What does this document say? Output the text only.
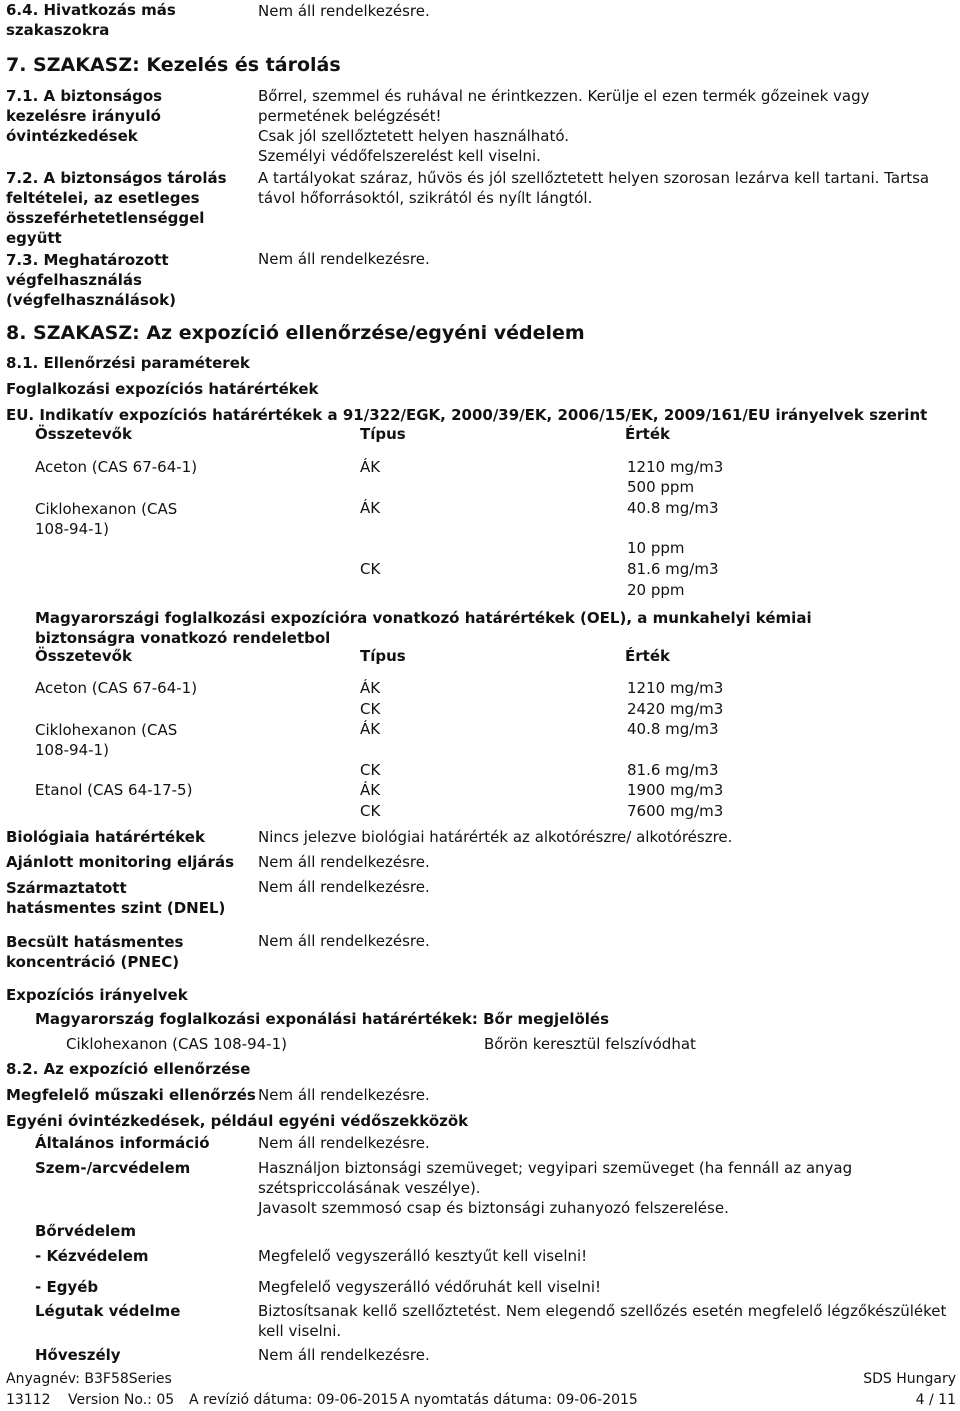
6.4. Hivatkozás más szakaszokra
Nem áll rendelkezésre.
7. SZAKASZ: Kezelés és tárolás
7.1. A biztonságos kezelésre irányuló óvintézkedések
Bőrrel, szemmel és ruhával ne érintkezzen. Kerülje el ezen termék gőzeinek vagy permetének belégzését!
Csak jól szellőztetett helyen használható.
Személyi védőfelszerelést kell viselni.
7.2. A biztonságos tárolás feltételei, az esetleges összeférhetetlenséggel együtt
A tartályokat száraz, hűvös és jól szellőztetett helyen szorosan lezárva kell tartani. Tartsa távol hőforrásoktól, szikrától és nyílt lángtól.
7.3. Meghatározott végfelhasználás (végfelhasználások)
Nem áll rendelkezésre.
8. SZAKASZ: Az expozíció ellenőrzése/egyéni védelem
8.1. Ellenőrzési paraméterek
Foglalkozási expozíciós határértékek
EU. Indikatív expozíciós határértékek a 91/322/EGK, 2000/39/EK, 2006/15/EK, 2009/161/EU irányelvek szerint
Összetevők	Típus	Érték
Aceton (CAS 67-64-1)	ÁK	1210 mg/m3
500 ppm
Ciklohexanon (CAS 108-94-1)
ÁK	40.8 mg/m3
10 ppm
CK	81.6 mg/m3
20 ppm
Magyarországi foglalkozási expozícióra vonatkozó határértékek (OEL), a munkahelyi kémiai biztonságra vonatkozó rendeletbol
Összetevők	Típus	Érték
Aceton (CAS 67-64-1)	ÁK	1210 mg/m3
CK	2420 mg/m3
Ciklohexanon (CAS 108-94-1)
ÁK	40.8 mg/m3
CK	81.6 mg/m3
Etanol (CAS 64-17-5)	ÁK	1900 mg/m3
CK	7600 mg/m3
Biológiaia határértékek	Nincs jelezve biológiai határérték az alkotórészre/ alkotórészre.
Ajánlott monitoring eljárás Nem áll rendelkezésre.
Származtatott hatásmentes szint (DNEL)
Nem áll rendelkezésre.
Becsült hatásmentes koncentráció (PNEC)
Nem áll rendelkezésre.
Expozíciós irányelvek
Magyarország foglalkozási exponálási határértékek: Bőr megjelölés
Ciklohexanon (CAS 108-94-1)	Bőrön keresztül felszívódhat
8.2. Az expozíció ellenőrzése
Megfelelő műszaki ellenőrzés Nem áll rendelkezésre.
Egyéni óvintézkedések, például egyéni védőszekközök
Általános információ	Nem áll rendelkezésre.
Szem-/arcvédelem	Használjon biztonsági szemüveget; vegyipari szemüveget (ha fennáll az anyag szétspriccolásának veszélye).
Javasolt szemmosó csap és biztonsági zuhanyozó felszerelése.
Bőrvédelem
- Kézvédelem	Megfelelő vegyszerálló kesztyűt kell viselni!
- Egyéb	Megfelelő vegyszerálló védőruhát kell viselni!
Légutak védelme	Biztosítsanak kellő szellőztetést. Nem elegendő szellőzés esetén megfelelő légzőkészüléket kell viselni.
Hőveszély	Nem áll rendelkezésre.
Anyagnév: B3F58Series	SDS Hungary
13112 Version No.: 05 A revízió dátuma: 09-06-2015 A nyomtatás dátuma: 09-06-2015	4 / 11
